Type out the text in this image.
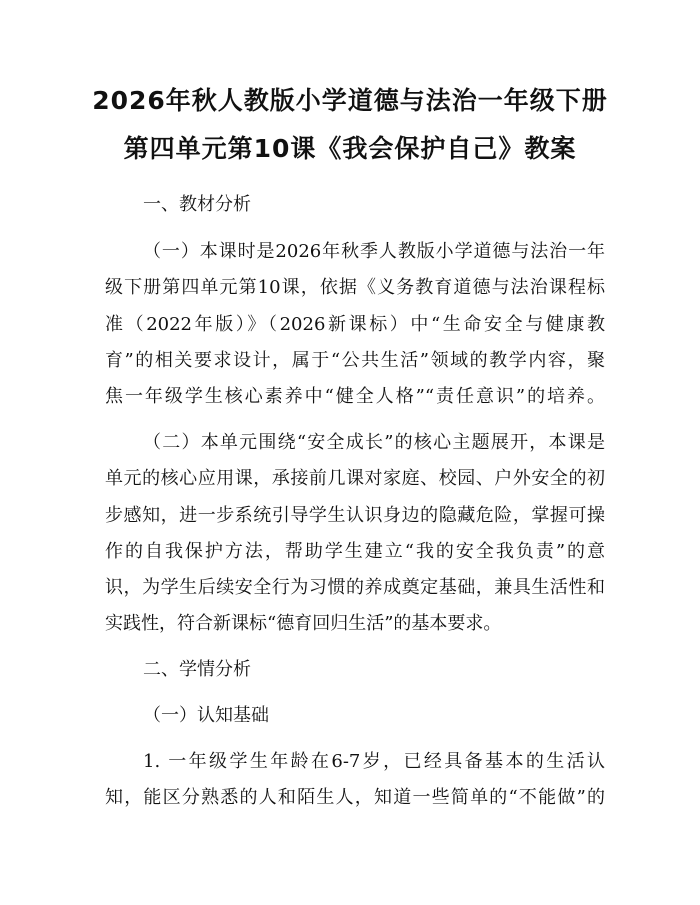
2026年秋人教版小学道德与法治一年级下册
第四单元第10课《我会保护自己》教案
一、教材分析
（一）本课时是2026年秋季人教版小学道德与法治一年
级下册第四单元第10课，依据《义务教育道德与法治课程标
准（2022年版）》（2026新课标）中“生命安全与健康教
育”的相关要求设计，属于“公共生活”领域的教学内容，聚
焦一年级学生核心素养中“健全人格”“责任意识”的培养。
（二）本单元围绕“安全成长”的核心主题展开，本课是
单元的核心应用课，承接前几课对家庭、校园、户外安全的初
步感知，进一步系统引导学生认识身边的隐藏危险，掌握可操
作的自我保护方法，帮助学生建立“我的安全我负责”的意
识，为学生后续安全行为习惯的养成奠定基础，兼具生活性和
实践性，符合新课标“德育回归生活”的基本要求。
二、学情分析
（一）认知基础
1. 一年级学生年龄在6-7岁，已经具备基本的生活认
知，能区分熟悉的人和陌生人，知道一些简单的“不能做”的
